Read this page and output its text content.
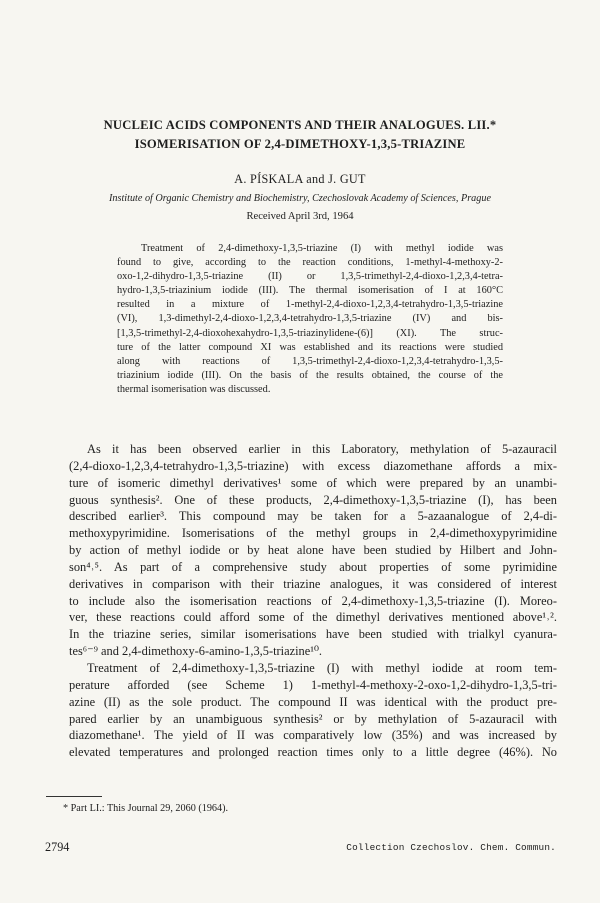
NUCLEIC ACIDS COMPONENTS AND THEIR ANALOGUES. LII.*
ISOMERISATION OF 2,4-DIMETHOXY-1,3,5-TRIAZINE
A. PÍSKALA and J. GUT
Institute of Organic Chemistry and Biochemistry, Czechoslovak Academy of Sciences, Prague
Received April 3rd, 1964
Treatment of 2,4-dimethoxy-1,3,5-triazine (I) with methyl iodide was
found to give, according to the reaction conditions, 1-methyl-4-methoxy-2-
oxo-1,2-dihydro-1,3,5-triazine (II) or 1,3,5-trimethyl-2,4-dioxo-1,2,3,4-tetra-
hydro-1,3,5-triazinium iodide (III). The thermal isomerisation of I at 160°C
resulted in a mixture of 1-methyl-2,4-dioxo-1,2,3,4-tetrahydro-1,3,5-triazine
(VI), 1,3-dimethyl-2,4-dioxo-1,2,3,4-tetrahydro-1,3,5-triazine (IV) and bis-
[1,3,5-trimethyl-2,4-dioxohexahydro-1,3,5-triazinylidene-(6)] (XI). The struc-
ture of the latter compound XI was established and its reactions were studied
along with reactions of 1,3,5-trimethyl-2,4-dioxo-1,2,3,4-tetrahydro-1,3,5-
triazinium iodide (III). On the basis of the results obtained, the course of the
thermal isomerisation was discussed.
As it has been observed earlier in this Laboratory, methylation of 5-azauracil
(2,4-dioxo-1,2,3,4-tetrahydro-1,3,5-triazine) with excess diazomethane affords a mix-
ture of isomeric dimethyl derivatives¹ some of which were prepared by an unambi-
guous synthesis². One of these products, 2,4-dimethoxy-1,3,5-triazine (I), has been
described earlier³. This compound may be taken for a 5-azaanalogue of 2,4-di-
methoxypyrimidine. Isomerisations of the methyl groups in 2,4-dimethoxypyrimidine
by action of methyl iodide or by heat alone have been studied by Hilbert and John-
son⁴˒⁵. As part of a comprehensive study about properties of some pyrimidine
derivatives in comparison with their triazine analogues, it was considered of interest
to include also the isomerisation reactions of 2,4-dimethoxy-1,3,5-triazine (I). Moreo-
ver, these reactions could afford some of the dimethyl derivatives mentioned above¹˒².
In the triazine series, similar isomerisations have been studied with trialkyl cyanura-
tes⁶⁻⁹ and 2,4-dimethoxy-6-amino-1,3,5-triazine¹⁰.
Treatment of 2,4-dimethoxy-1,3,5-triazine (I) with methyl iodide at room tem-
perature afforded (see Scheme 1) 1-methyl-4-methoxy-2-oxo-1,2-dihydro-1,3,5-tri-
azine (II) as the sole product. The compound II was identical with the product pre-
pared earlier by an unambiguous synthesis² or by methylation of 5-azauracil with
diazomethane¹. The yield of II was comparatively low (35%) and was increased by
elevated temperatures and prolonged reaction times only to a little degree (46%). No
* Part LI.: This Journal 29, 2060 (1964).
2794	Collection Czechoslov. Chem. Commun.
